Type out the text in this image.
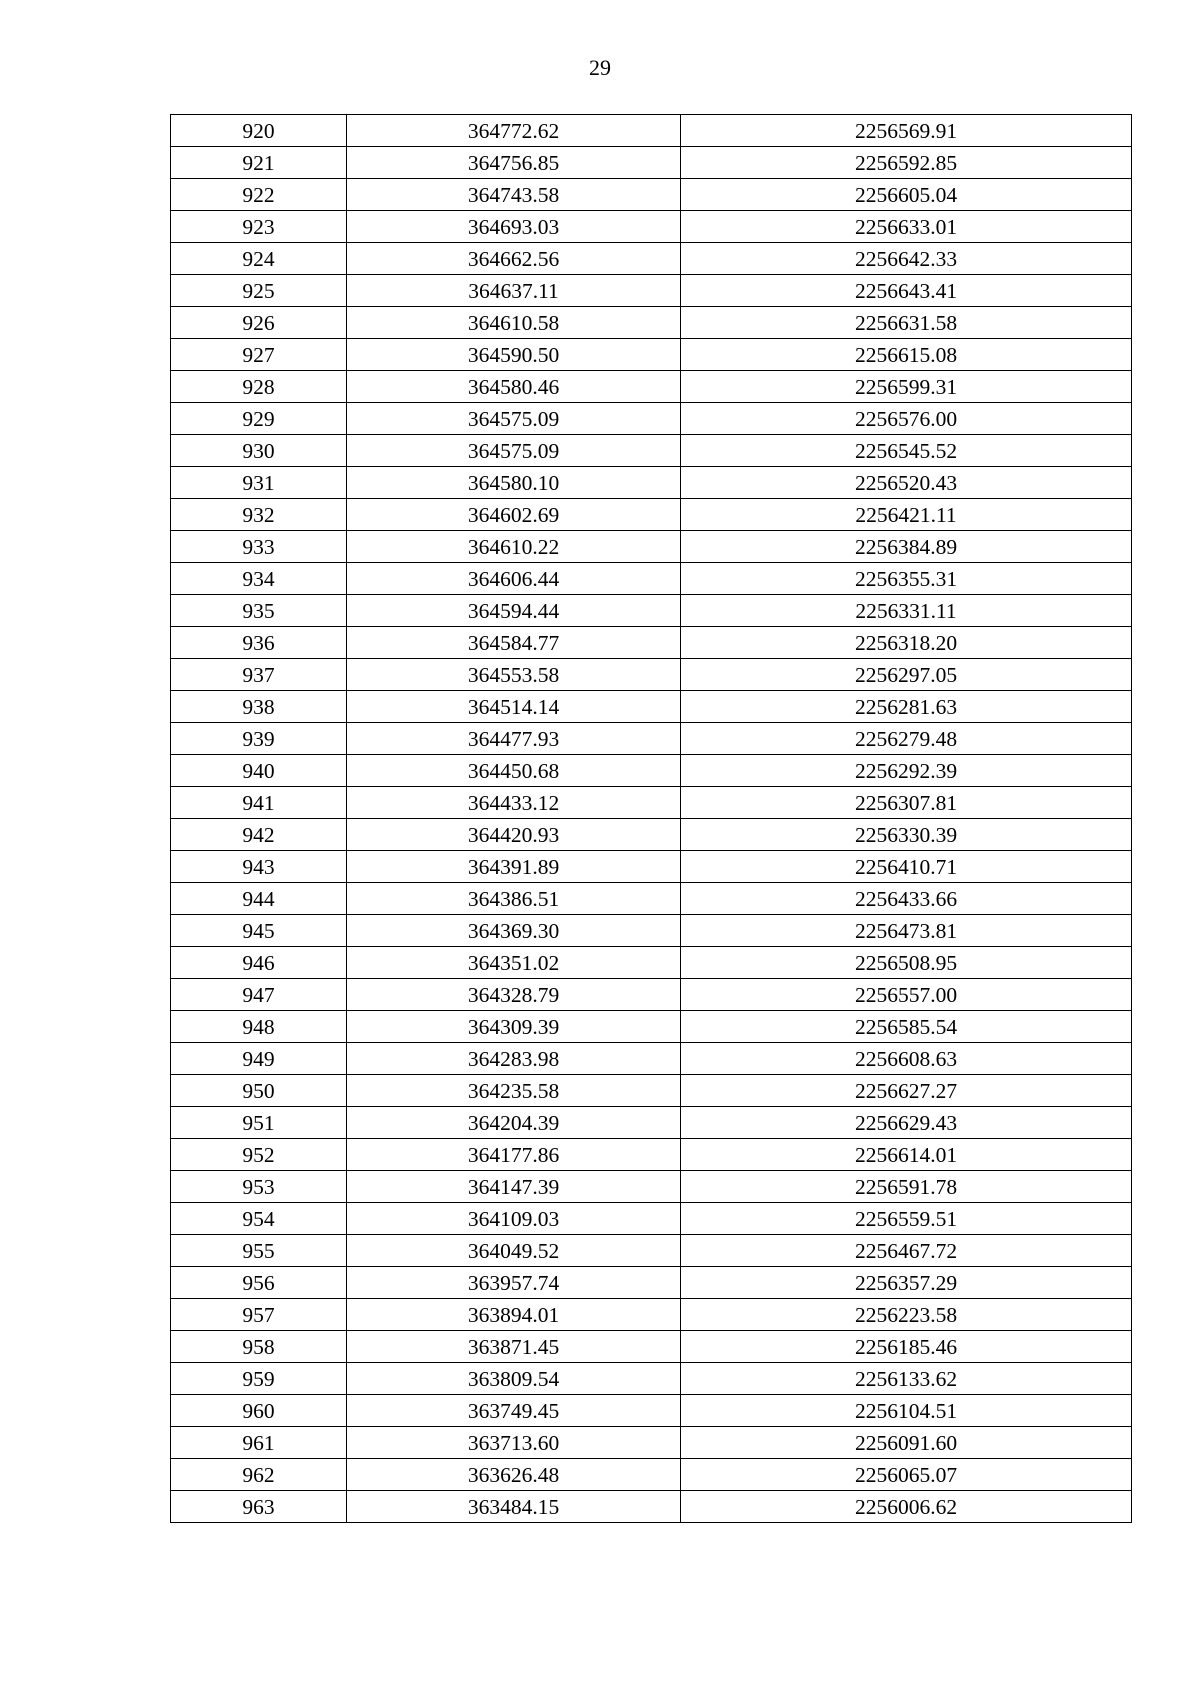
29
920	364772.62	2256569.91
921	364756.85	2256592.85
922	364743.58	2256605.04
923	364693.03	2256633.01
924	364662.56	2256642.33
925	364637.11	2256643.41
926	364610.58	2256631.58
927	364590.50	2256615.08
928	364580.46	2256599.31
929	364575.09	2256576.00
930	364575.09	2256545.52
931	364580.10	2256520.43
932	364602.69	2256421.11
933	364610.22	2256384.89
934	364606.44	2256355.31
935	364594.44	2256331.11
936	364584.77	2256318.20
937	364553.58	2256297.05
938	364514.14	2256281.63
939	364477.93	2256279.48
940	364450.68	2256292.39
941	364433.12	2256307.81
942	364420.93	2256330.39
943	364391.89	2256410.71
944	364386.51	2256433.66
945	364369.30	2256473.81
946	364351.02	2256508.95
947	364328.79	2256557.00
948	364309.39	2256585.54
949	364283.98	2256608.63
950	364235.58	2256627.27
951	364204.39	2256629.43
952	364177.86	2256614.01
953	364147.39	2256591.78
954	364109.03	2256559.51
955	364049.52	2256467.72
956	363957.74	2256357.29
957	363894.01	2256223.58
958	363871.45	2256185.46
959	363809.54	2256133.62
960	363749.45	2256104.51
961	363713.60	2256091.60
962	363626.48	2256065.07
963	363484.15	2256006.62
